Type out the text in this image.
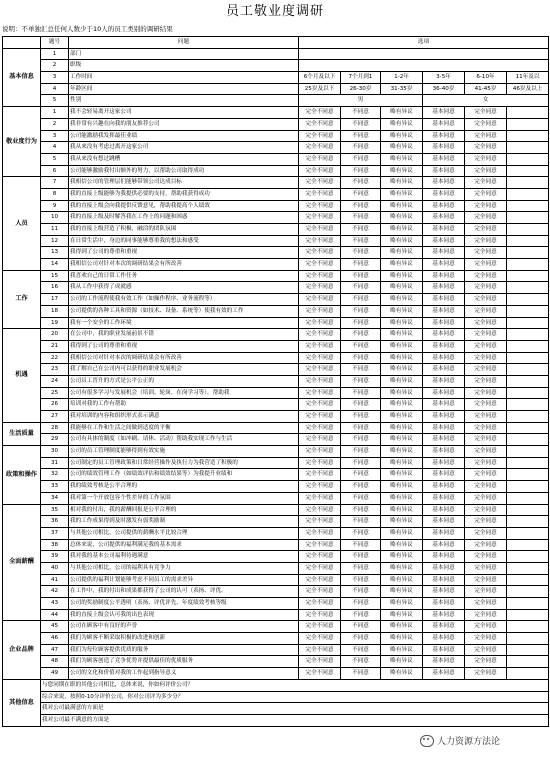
员工敬业度调研
说明：不单独汇总任何人数少于10人的员工类别的调研结果
	题号	问题	选项					
基本信息	1	部门						
	2	职级						
	3	工作时间	6个月及以下	7个月到1	1-2年	3-5年	6-10年	11年及以
	4	年龄区间	25岁及以下	26-30岁	31-35岁	36-40岁	41-45岁	46岁及以上
	5	性别	男			女		
敬业度行为	1	我不会轻易离开这家公司	完全不同意	不同意	略有异议	基本同意	完全同意	
	2	我非常有兴趣在向我的朋友推荐公司	完全不同意	不同意	略有异议	基本同意	完全同意	
	3	公司能激励我发挥最佳业绩	完全不同意	不同意	略有异议	基本同意	完全同意	
	4	我从来没有考虑过离开这家公司	完全不同意	不同意	略有异议	基本同意	完全同意	
	5	我从来没有想过跳槽	完全不同意	不同意	略有异议	基本同意	完全同意	
	6	公司能够激励我付出额外的努力，以帮助公司取得成功	完全不同意	不同意	略有异议	基本同意	完全同意	
人员	7	我相信公司的管理层们能够带领公司达成目标	完全不同意	不同意	略有异议	基本同意	完全同意	
	8	我的直接上级能够为我提供必要的支持，帮助我获得成功	完全不同意	不同意	略有异议	基本同意	完全同意	
	9	我的直接上级会向我提供反馈意见，帮助我提高个人绩效	完全不同意	不同意	略有异议	基本同意	完全同意	
	10	我的直接上级及时解答我在工作上的问题和困惑	完全不同意	不同意	略有异议	基本同意	完全同意	
	11	我的直接上级营造了积极、融洽的团队氛围	完全不同意	不同意	略有异议	基本同意	完全同意	
	12	在日常生活中，身边的同事能够尊重我的想法和感受	完全不同意	不同意	略有异议	基本同意	完全同意	
	13	我得到了公司的尊重和重视	完全不同意	不同意	略有异议	基本同意	完全同意	
	14	我相信公司对针对本次的调研结果会有所改善	完全不同意	不同意	略有异议	基本同意	完全同意	
工作	15	我喜欢自己的日常工作任务	完全不同意	不同意	略有异议	基本同意	完全同意	
	16	我从工作中获得了成就感	完全不同意	不同意	略有异议	基本同意	完全同意	
	17	公司的工作流程使我有效工作（如操作程序、业务流程等）	完全不同意	不同意	略有异议	基本同意	完全同意	
	18	公司提供的各种工具和资源（如技术、设备、系统等）使我有效的工作	完全不同意	不同意	略有异议	基本同意	完全同意	
	19	我有一个安全的工作环境	完全不同意	不同意	略有异议	基本同意	完全同意	
机遇	20	在公司中，我的职业发展前景不错	完全不同意	不同意	略有异议	基本同意	完全同意	
	21	我得到了公司的尊重和重视	完全不同意	不同意	略有异议	基本同意	完全同意	
	22	我相信公司对针对本次的调研结果会有所改善	完全不同意	不同意	略有异议	基本同意	完全同意	
	23	我了解自己在公司内可以获得的职业发展机会	完全不同意	不同意	略有异议	基本同意	完全同意	
	24	公司员工晋升的方式是公平公正的	完全不同意	不同意	略有异议	基本同意	完全同意	
	25	公司有很多学习与发展机会（培训、轮岗、在岗学习等），帮助我	完全不同意	不同意	略有异议	基本同意	完全同意	
	26	培训对我的工作有帮助	完全不同意	不同意	略有异议	基本同意	完全同意	
	27	我对培训的内容和组织形式表示满意	完全不同意	不同意	略有异议	基本同意	完全同意	
生活质量	28	我能够在工作和生活之间做到适度的平衡	完全不同意	不同意	略有异议	基本同意	完全同意	
	29	公司有具体的制度（如冲刷、请休、活动）帮助我实现工作与生活	完全不同意	不同意	略有异议	基本同意	完全同意	
政策和操作	30	公司的员工管理制度能够得到有效实施	完全不同意	不同意	略有异议	基本同意	完全同意	
	31	公司制定的员工管理政策和日常经营操作及执行力为我营造了积极的	完全不同意	不同意	略有异议	基本同意	完全同意	
	32	公司的绩效管理工作（如绩效评估和绩效结果等）为我提升业绩和	完全不同意	不同意	略有异议	基本同意	完全同意	
	33	我的绩效考核是公平合理的	完全不同意	不同意	略有异议	基本同意	完全同意	
	34	我对第一个开放包容个性差异的工作氛围	完全不同意	不同意	略有异议	基本同意	完全同意	
全面薪酬	35	相对我的付出，我的薪酬回报是公平合理的	完全不同意	不同意	略有异议	基本同意	完全同意	
	36	我的工作成果得到及时激发有弱奖励制	完全不同意	不同意	略有异议	基本同意	完全同意	
	37	与其他公司相比，公司提供的薪酬水平比较合理	完全不同意	不同意	略有异议	基本同意	完全同意	
	38	总体来说，公司提供的福利满足我的基本需求	完全不同意	不同意	略有异议	基本同意	完全同意	
	39	我对我的基本公司福利待遇满意	完全不同意	不同意	略有异议	基本同意	完全同意	
	40	与其他公司相比，公司的福利具有竞争力	完全不同意	不同意	略有异议	基本同意	完全同意	
	41	公司提供的福利计划能够考虑不同员工的需求差异	完全不同意	不同意	略有异议	基本同意	完全同意	
	42	在工作中，我的付出和成果都获得了公司的认可（表扬、评优、	完全不同意	不同意	略有异议	基本同意	完全同意	
	43	公司的奖励制度公平透明（表扬、评优评先、年度绩效考核等级	完全不同意	不同意	略有异议	基本同意	完全同意	
	44	我的直接上级会认可我的出色表现	完全不同意	不同意	略有异议	基本同意	完全同意	
企业品牌	45	公司在顾客中有良好的声誉	完全不同意	不同意	略有异议	基本同意	完全同意	
	46	我们为顾客不断采取积极的改进和创新	完全不同意	不同意	略有异议	基本同意	完全同意	
	47	我们为每位顾客提供优质的服务	完全不同意	不同意	略有异议	基本同意	完全同意	
	48	我们为顾客创造了竞争优势并提供最佳的优质服务	完全不同意	不同意	略有异议	基本同意	完全同意	
	49	公司的文化和价值对我的工作起到指导意义	完全不同意	不同意	略有异议	基本同意	完全同意	
其他信息	与您同期在职的其他公司相比，总体来说，你如何评价公司？							
	综合来说，按照0-10分评价公司，你对公司评为多少分？							
	我对公司最满意的方面是							
	我对公司最不满意的方面是							
人力资源方法论
